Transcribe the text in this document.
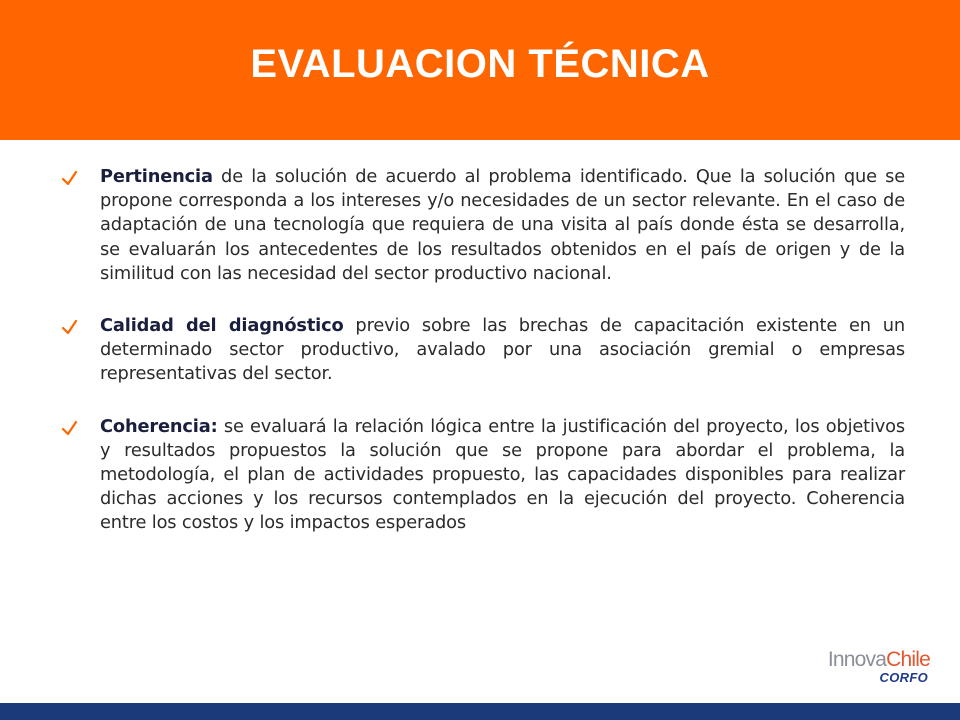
EVALUACION TÉCNICA

Pertinencia de la solución de acuerdo al problema identificado. Que la solución que se propone corresponda a los intereses y/o necesidades de un sector relevante. En el caso de adaptación de una tecnología que requiera de una visita al país donde ésta se desarrolla, se evaluarán los antecedentes de los resultados obtenidos en el país de origen y de la similitud con las necesidad del sector productivo nacional.

Calidad del diagnóstico previo sobre las brechas de capacitación existente en un determinado sector productivo, avalado por una asociación gremial o empresas representativas del sector.

Coherencia: se evaluará la relación lógica entre la justificación del proyecto, los objetivos y resultados propuestos la solución que se propone para abordar el problema, la metodología, el plan de actividades propuesto, las capacidades disponibles para realizar dichas acciones y los recursos contemplados en la ejecución del proyecto. Coherencia entre los costos y los impactos esperados

InnovaChile
CORFO
